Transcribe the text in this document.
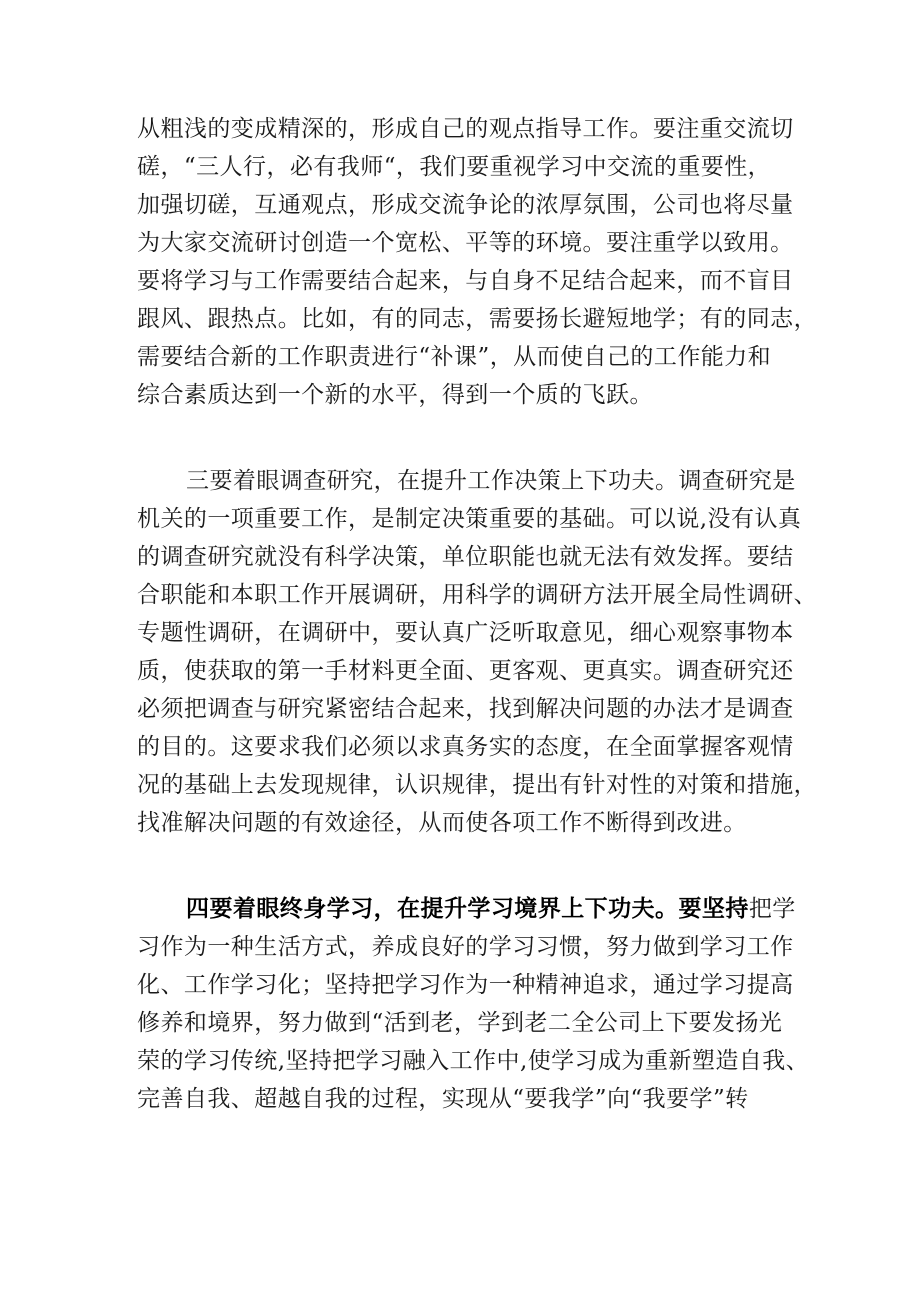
从粗浅的变成精深的，形成自己的观点指导工作。要注重交流切
磋，“三人行，必有我师“，我们要重视学习中交流的重要性，
加强切磋，互通观点，形成交流争论的浓厚氛围，公司也将尽量
为大家交流研讨创造一个宽松、平等的环境。要注重学以致用。
要将学习与工作需要结合起来，与自身不足结合起来，而不盲目
跟风、跟热点。比如，有的同志，需要扬长避短地学；有的同志，
需要结合新的工作职责进行“补课”，从而使自己的工作能力和
综合素质达到一个新的水平，得到一个质的飞跃。
三要着眼调查研究，在提升工作决策上下功夫。调查研究是
机关的一项重要工作，是制定决策重要的基础。可以说,没有认真
的调查研究就没有科学决策，单位职能也就无法有效发挥。要结
合职能和本职工作开展调研，用科学的调研方法开展全局性调研、
专题性调研，在调研中，要认真广泛听取意见，细心观察事物本
质，使获取的第一手材料更全面、更客观、更真实。调查研究还
必须把调查与研究紧密结合起来，找到解决问题的办法才是调查
的目的。这要求我们必须以求真务实的态度，在全面掌握客观情
况的基础上去发现规律，认识规律，提出有针对性的对策和措施，
找准解决问题的有效途径，从而使各项工作不断得到改进。
四要着眼终身学习，在提升学习境界上下功夫。要坚持把学
习作为一种生活方式，养成良好的学习习惯，努力做到学习工作
化、工作学习化；坚持把学习作为一种精神追求，通过学习提高
修养和境界，努力做到“活到老，学到老二全公司上下要发扬光
荣的学习传统,坚持把学习融入工作中,使学习成为重新塑造自我、
完善自我、超越自我的过程，实现从“要我学”向“我要学”转
